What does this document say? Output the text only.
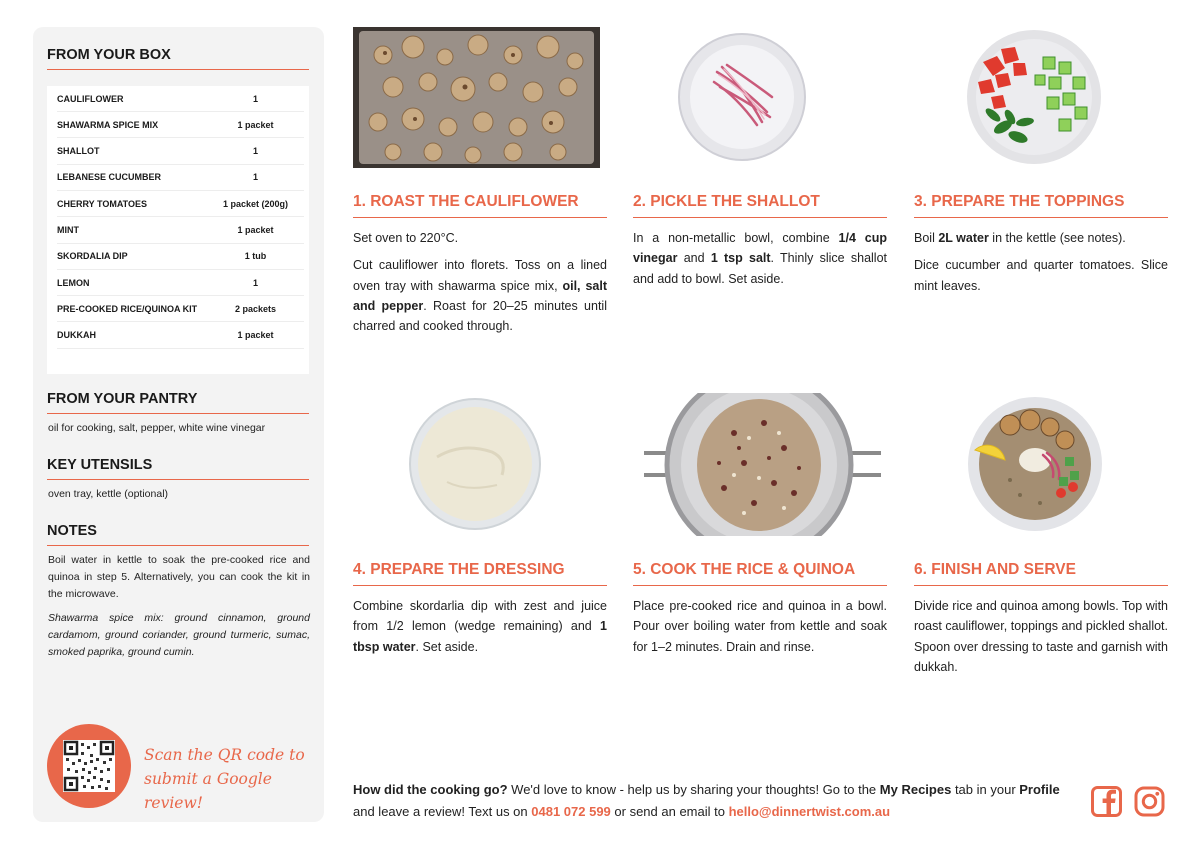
FROM YOUR BOX
CAULIFLOWER	1
SHAWARMA SPICE MIX	1 packet
SHALLOT	1
LEBANESE CUCUMBER	1
CHERRY TOMATOES	1 packet (200g)
MINT	1 packet
SKORDALIA DIP	1 tub
LEMON	1
PRE-COOKED RICE/QUINOA KIT	2 packets
DUKKAH	1 packet
FROM YOUR PANTRY
oil for cooking, salt, pepper, white wine vinegar
KEY UTENSILS
oven tray, kettle (optional)
NOTES
Boil water in kettle to soak the pre-cooked rice and quinoa in step 5. Alternatively, you can cook the kit in the microwave.
Shawarma spice mix: ground cinnamon, ground cardamom, ground coriander, ground turmeric, sumac, smoked paprika, ground cumin.
Scan the QR code to
submit a Google review!
1. ROAST THE CAULIFLOWER	2. PICKLE THE SHALLOT	3. PREPARE THE TOPPINGS
4. PREPARE THE DRESSING	5. COOK THE RICE & QUINOA	6. FINISH AND SERVE

Set oven to 220°C.

Cut cauliflower into florets. Toss on a lined oven tray with shawarma spice mix, oil, salt and pepper. Roast for 20–25 minutes until charred and cooked through.

In a non-metallic bowl, combine 1/4 cup vinegar and 1 tsp salt. Thinly slice shallot and add to bowl. Set aside.

Boil 2L water in the kettle (see notes).

Dice cucumber and quarter tomatoes. Slice mint leaves.

Combine skordarlia dip with zest and juice from 1/2 lemon (wedge remaining) and 1 tbsp water. Set aside.

Place pre-cooked rice and quinoa in a bowl. Pour over boiling water from kettle and soak for 1–2 minutes. Drain and rinse.

Divide rice and quinoa among bowls. Top with roast cauliflower, toppings and pickled shallot. Spoon over dressing to taste and garnish with dukkah.

How did the cooking go? We'd love to know - help us by sharing your thoughts! Go to the My Recipes tab in your Profile and leave a review! Text us on 0481 072 599 or send an email to hello@dinnertwist.com.au
